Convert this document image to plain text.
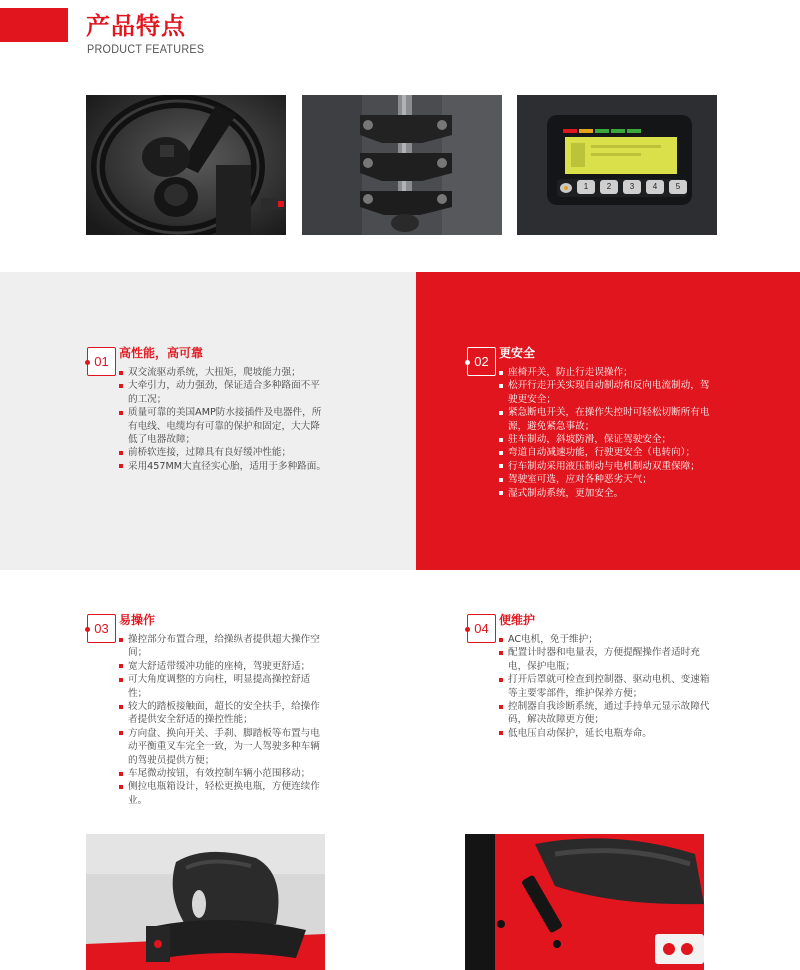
产品特点
PRODUCT FEATURES
1	2	3	4	5
01
高性能，高可靠
双交流驱动系统，大扭矩，爬坡能力强；
大牵引力，动力强劲，保证适合多种路面不平的工况；
质量可靠的美国AMP防水接插件及电器件，所有电线、电缆均有可靠的保护和固定，大大降低了电器故障；
前桥软连接，过障具有良好缓冲性能；
采用457MM大直径实心胎，适用于多种路面。
02
更安全
座椅开关，防止行走误操作；
松开行走开关实现自动制动和反向电流制动，驾驶更安全；
紧急断电开关，在操作失控时可轻松切断所有电源，避免紧急事故；
驻车制动，斜坡防滑，保证驾驶安全；
弯道自动减速功能，行驶更安全（电转向）；
行车制动采用液压制动与电机制动双重保障；
驾驶室可选，应对各种恶劣天气；
湿式制动系统，更加安全。
03
易操作
操控部分布置合理，给操纵者提供超大操作空间；
宽大舒适带缓冲功能的座椅，驾驶更舒适；
可大角度调整的方向柱，明显提高操控舒适性；
较大的踏板接触面，超长的安全扶手，给操作者提供安全舒适的操控性能；
方向盘、换向开关、手刹、脚踏板等布置与电动平衡重叉车完全一致，为一人驾驶多种车辆的驾驶员提供方便；
车尾微动按钮，有效控制车辆小范围移动；
侧拉电瓶箱设计，轻松更换电瓶，方便连续作业。
04
便维护
AC电机，免于维护；
配置计时器和电量表，方便提醒操作者适时充电，保护电瓶；
打开后罩就可检查到控制器、驱动电机、变速箱等主要零部件，维护保养方便；
控制器自我诊断系统，通过手持单元显示故障代码，解决故障更方便；
低电压自动保护，延长电瓶寿命。
